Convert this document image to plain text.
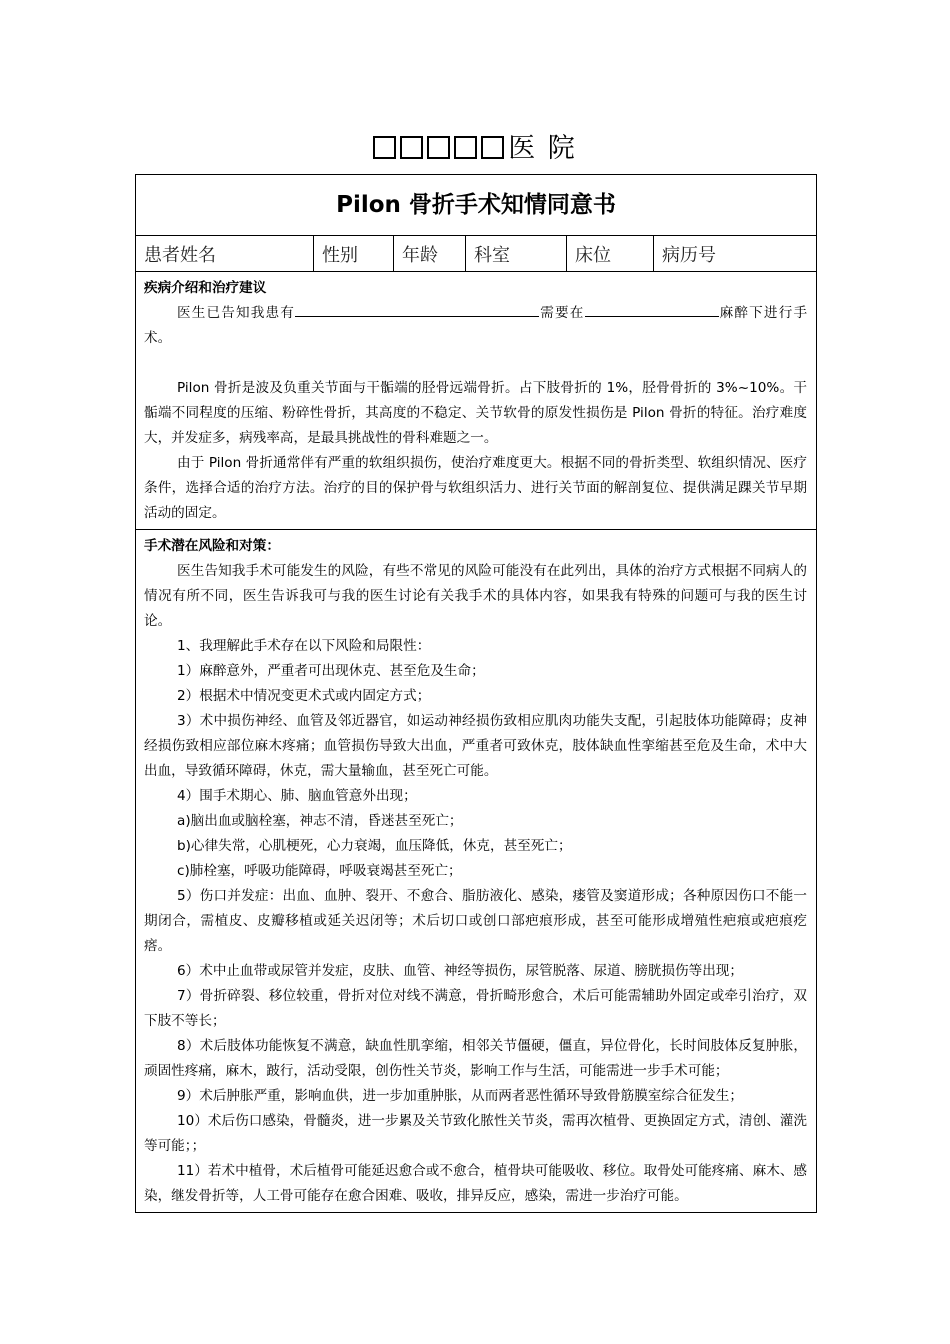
医 院
Pilon 骨折手术知情同意书
患者姓名	性别	年龄	科室	床位	病历号

疾病介绍和治疗建议

医生已告知我患有	需要在	麻醉下进行手术。

Pilon 骨折是波及负重关节面与干骺端的胫骨远端骨折。占下肢骨折的 1%，胫骨骨折的 3%~10%。干骺端不同程度的压缩、粉碎性骨折，其高度的不稳定、关节软骨的原发性损伤是 Pilon 骨折的特征。治疗难度大，并发症多，病残率高，是最具挑战性的骨科难题之一。

由于 Pilon 骨折通常伴有严重的软组织损伤，使治疗难度更大。根据不同的骨折类型、软组织情况、医疗条件，选择合适的治疗方法。治疗的目的保护骨与软组织活力、进行关节面的解剖复位、提供满足踝关节早期活动的固定。

手术潜在风险和对策：

医生告知我手术可能发生的风险，有些不常见的风险可能没有在此列出，具体的治疗方式根据不同病人的情况有所不同，医生告诉我可与我的医生讨论有关我手术的具体内容，如果我有特殊的问题可与我的医生讨论。

1、我理解此手术存在以下风险和局限性：

1）麻醉意外，严重者可出现休克、甚至危及生命；

2）根据术中情况变更术式或内固定方式；

3）术中损伤神经、血管及邻近器官，如运动神经损伤致相应肌肉功能失支配，引起肢体功能障碍；皮神经损伤致相应部位麻木疼痛；血管损伤导致大出血，严重者可致休克，肢体缺血性挛缩甚至危及生命，术中大出血，导致循环障碍，休克，需大量输血，甚至死亡可能。

4）围手术期心、肺、脑血管意外出现；

a)脑出血或脑栓塞，神志不清，昏迷甚至死亡；

b)心律失常，心肌梗死，心力衰竭，血压降低，休克，甚至死亡；

c)肺栓塞，呼吸功能障碍，呼吸衰竭甚至死亡；

5）伤口并发症：出血、血肿、裂开、不愈合、脂肪液化、感染，瘘管及窦道形成；各种原因伤口不能一期闭合，需植皮、皮瓣移植或延关迟闭等；术后切口或创口部疤痕形成，甚至可能形成增殖性疤痕或疤痕疙瘩。

6）术中止血带或尿管并发症，皮肤、血管、神经等损伤，尿管脱落、尿道、膀胱损伤等出现；

7）骨折碎裂、移位较重，骨折对位对线不满意，骨折畸形愈合，术后可能需辅助外固定或牵引治疗，双下肢不等长；

8）术后肢体功能恢复不满意，缺血性肌挛缩，相邻关节僵硬，僵直，异位骨化，长时间肢体反复肿胀，顽固性疼痛，麻木，跛行，活动受限，创伤性关节炎，影响工作与生活，可能需进一步手术可能；

9）术后肿胀严重，影响血供，进一步加重肿胀，从而两者恶性循环导致骨筋膜室综合征发生；

10）术后伤口感染，骨髓炎，进一步累及关节致化脓性关节炎，需再次植骨、更换固定方式，清创、灌洗等可能；；

11）若术中植骨，术后植骨可能延迟愈合或不愈合，植骨块可能吸收、移位。取骨处可能疼痛、麻木、感染，继发骨折等，人工骨可能存在愈合困难、吸收，排异反应，感染，需进一步治疗可能。
